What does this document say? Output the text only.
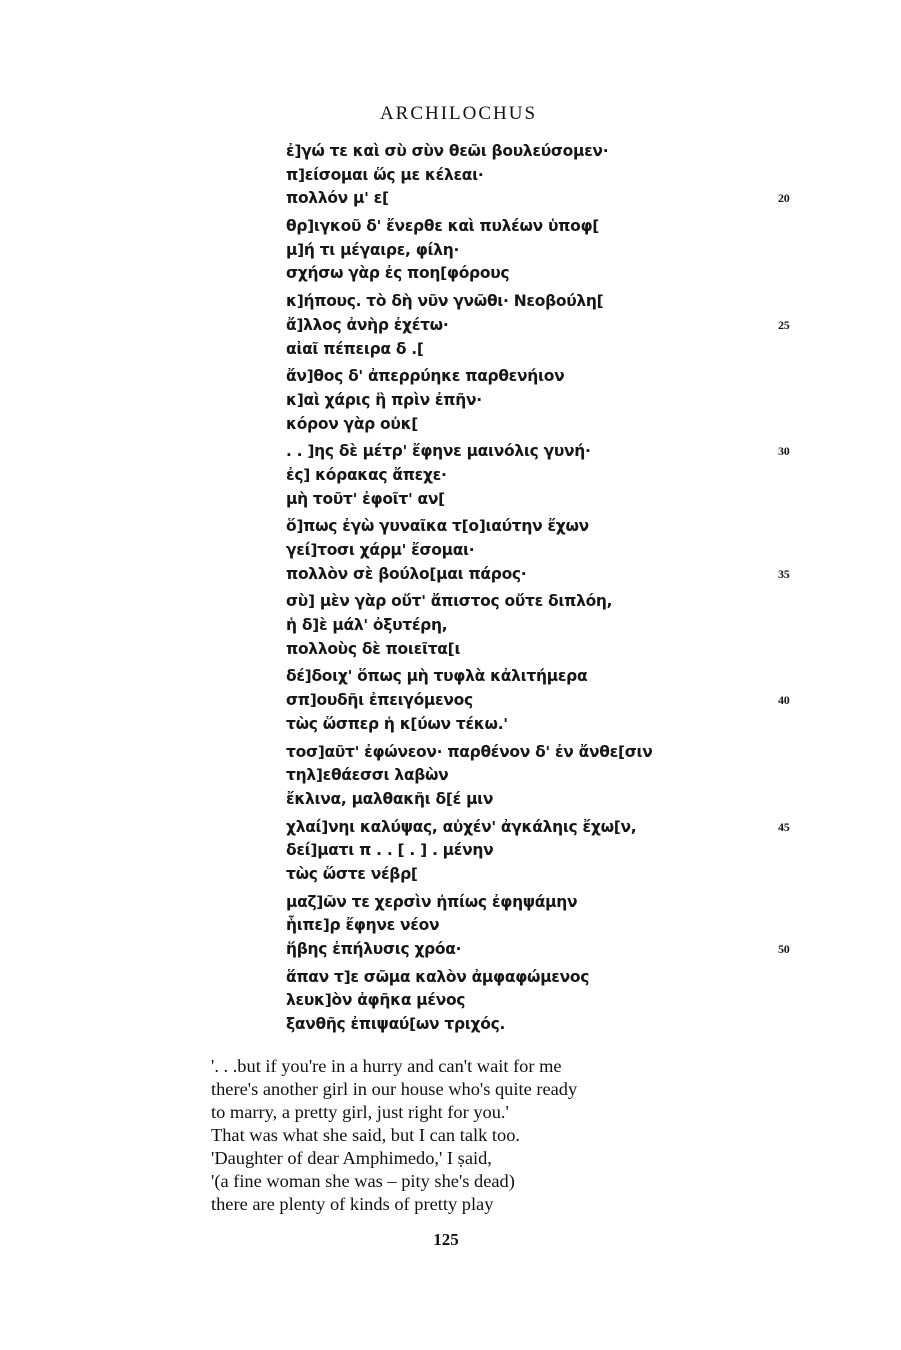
ARCHILOCHUS
ἐ]γώ τε καὶ σὺ σὺν θεῶι βουλεύσομεν·
π]είσομαι ὥς με κέλεαι·
πολλόν μ' ε[	20
θρ]ιγκοῦ δ' ἔνερθε καὶ πυλέων ὑποφ[
μ]ή τι μέγαιρε, φίλη·
σχήσω γὰρ ἐς ποη[φόρους
κ]ήπους. τὸ δὴ νῦν γνῶθι· Νεοβούλη[
ἄ]λλος ἀνὴρ ἐχέτω·	25
αἰαῖ πέπειρα δ .[
ἄν]θος δ' ἀπερρύηκε παρθενήιον
κ]αὶ χάρις ἣ πρὶν ἐπῆν·
κόρον γὰρ οὐκ[
. . ]ης δὲ μέτρ' ἔφηνε μαινόλις γυνή·	30
ἐς] κόρακας ἄπεχε·
μὴ τοῦτ' ἐφοῖτ' αν[
ὅ]πως ἐγὼ γυναῖκα τ[ο]ιαύτην ἔχων
γεί]τοσι χάρμ' ἔσομαι·
πολλὸν σὲ βούλο[μαι πάρος·	35
σὺ] μὲν γὰρ οὔτ' ἄπιστος οὔτε διπλόη,
ἡ δ]ὲ μάλ' ὀξυτέρη,
πολλοὺς δὲ ποιεῖτα[ι
δέ]δοιχ' ὅπως μὴ τυφλὰ κἀλιτήμερα
σπ]ουδῆι ἐπειγόμενος	40
τὼς ὥσπερ ἡ κ[ύων τέκω.'
τοσ]αῦτ' ἐφώνεον· παρθένον δ' ἐν ἄνθε[σιν
τηλ]εθάεσσι λαβὼν
ἔκλινα, μαλθακῆι δ[έ μιν
χλαί]νηι καλύψας, αὐχέν' ἀγκάληις ἔχω[ν,	45
δεί]ματι π . . [ . ] . μένην
τὼς ὥστε νέβρ[
μαζ]ῶν τε χερσὶν ἠπίως ἐφηψάμην
ἧιπε]ρ ἔφηνε νέον
ἥβης ἐπήλυσις χρόα·	50
ἅπαν τ]ε σῶμα καλὸν ἀμφαφώμενος
λευκ]ὸν ἀφῆκα μένος
ξανθῆς ἐπιψαύ[ων τριχός.
'. . .but if you're in a hurry and can't wait for me
there's another girl in our house who's quite ready
to marry, a pretty girl, just right for you.'
That was what she said, but I can talk too.
'Daughter of dear Amphimedo,' I ṣaid,
'(a fine woman she was – pity she's dead)
there are plenty of kinds of pretty play
125
